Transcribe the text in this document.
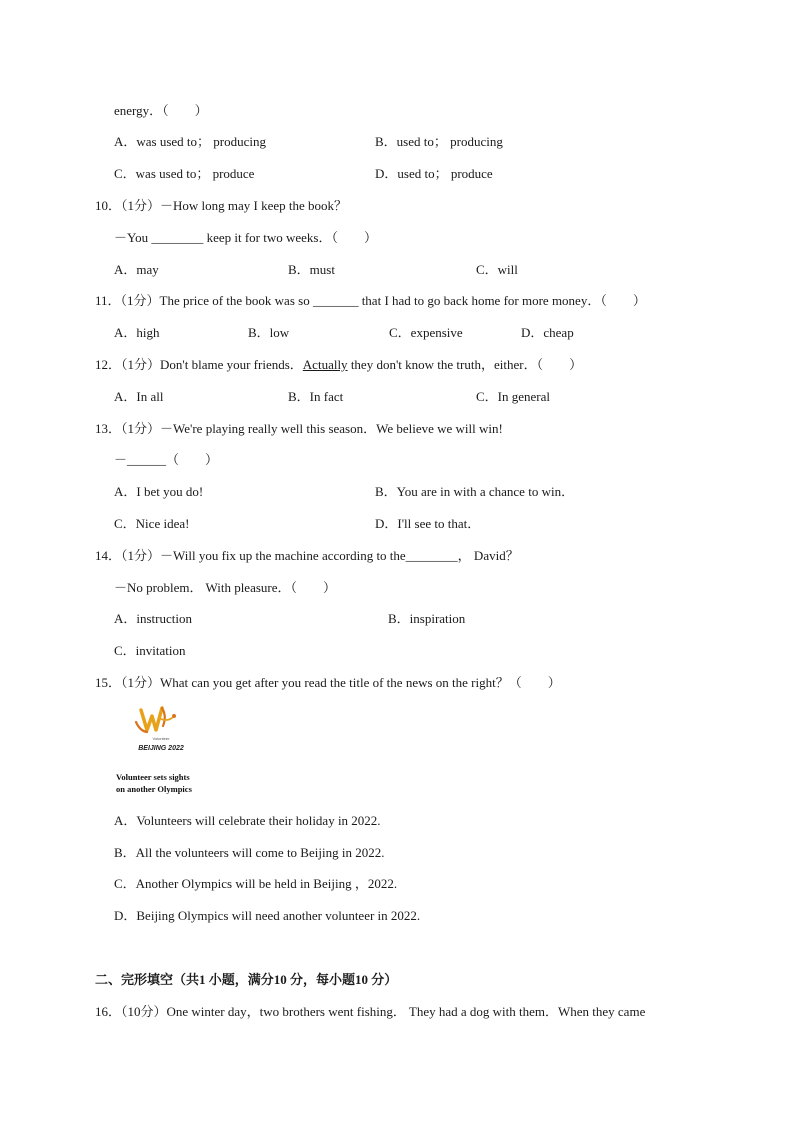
energy．（　　）
A．was used to； producing	B．used to； producing
C．was used to； produce	D．used to； produce
10．（1分）－How long may I keep the book？
－You ________ keep it for two weeks．（　　）
A．may	B．must	C．will
11．（1分）The price of the book was so _______ that I had to go back home for more money．（　　）
A．high	B．low	C．expensive	D．cheap
12．（1分）Don't blame your friends．Actually they don't know the truth，either．（　　）
A．In all	B．In fact	C．In general
13．（1分）－We're playing really well this season．We believe we will win!
－______（　　）
A．I bet you do!	B．You are in with a chance to win．
C．Nice idea!	D．I'll see to that．
14．（1分）－Will you fix up the machine according to the________， David？
－No problem． With pleasure．（　　）
A．instruction	B．inspiration
C．invitation
15．（1分）What can you get after you read the title of the news on the right？（　　）
Volunteer
BEIJING 2022
Volunteer sets sights
on another Olympics
A．Volunteers will celebrate their holiday in 2022.
B．All the volunteers will come to Beijing in 2022.
C．Another Olympics will be held in Beijing ，2022.
D．Beijing Olympics will need another volunteer in 2022.
二、完形填空（共1 小题，满分10 分，每小题10 分）
16．（10分）One winter day，two brothers went fishing． They had a dog with them．When they came
